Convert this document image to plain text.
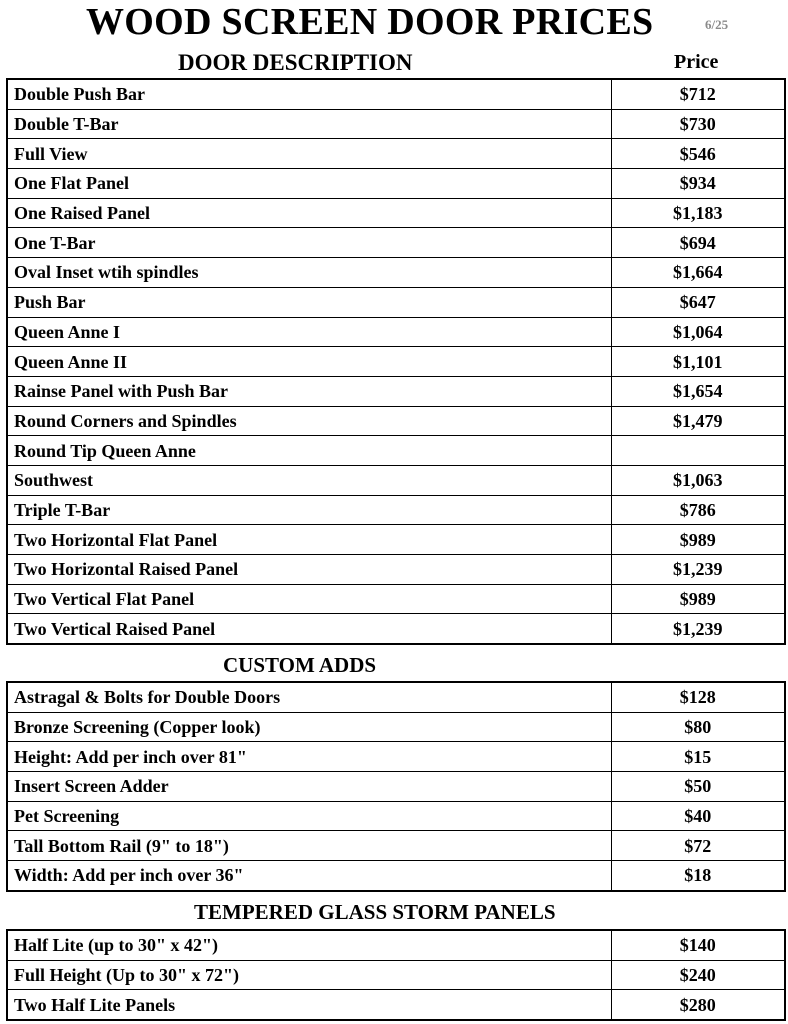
WOOD SCREEN DOOR PRICES	6/25
DOOR DESCRIPTION	Price
Double Push Bar	$712
Double T-Bar	$730
Full View	$546
One Flat Panel	$934
One Raised Panel	$1,183
One T-Bar	$694
Oval Inset wtih spindles	$1,664
Push Bar	$647
Queen Anne I	$1,064
Queen Anne II	$1,101
Rainse Panel with Push Bar	$1,654
Round Corners and Spindles	$1,479
Round Tip Queen Anne	
Southwest	$1,063
Triple T-Bar	$786
Two Horizontal Flat Panel	$989
Two Horizontal Raised Panel	$1,239
Two Vertical Flat Panel	$989
Two Vertical Raised Panel	$1,239
CUSTOM ADDS
Astragal & Bolts for Double Doors	$128
Bronze Screening (Copper look)	$80
Height: Add per inch over 81"	$15
Insert Screen Adder	$50
Pet Screening	$40
Tall Bottom Rail (9" to 18")	$72
Width: Add per inch over 36"	$18
TEMPERED GLASS STORM PANELS
Half Lite (up to 30" x 42")	$140
Full Height (Up to 30" x 72")	$240
Two Half Lite Panels	$280
